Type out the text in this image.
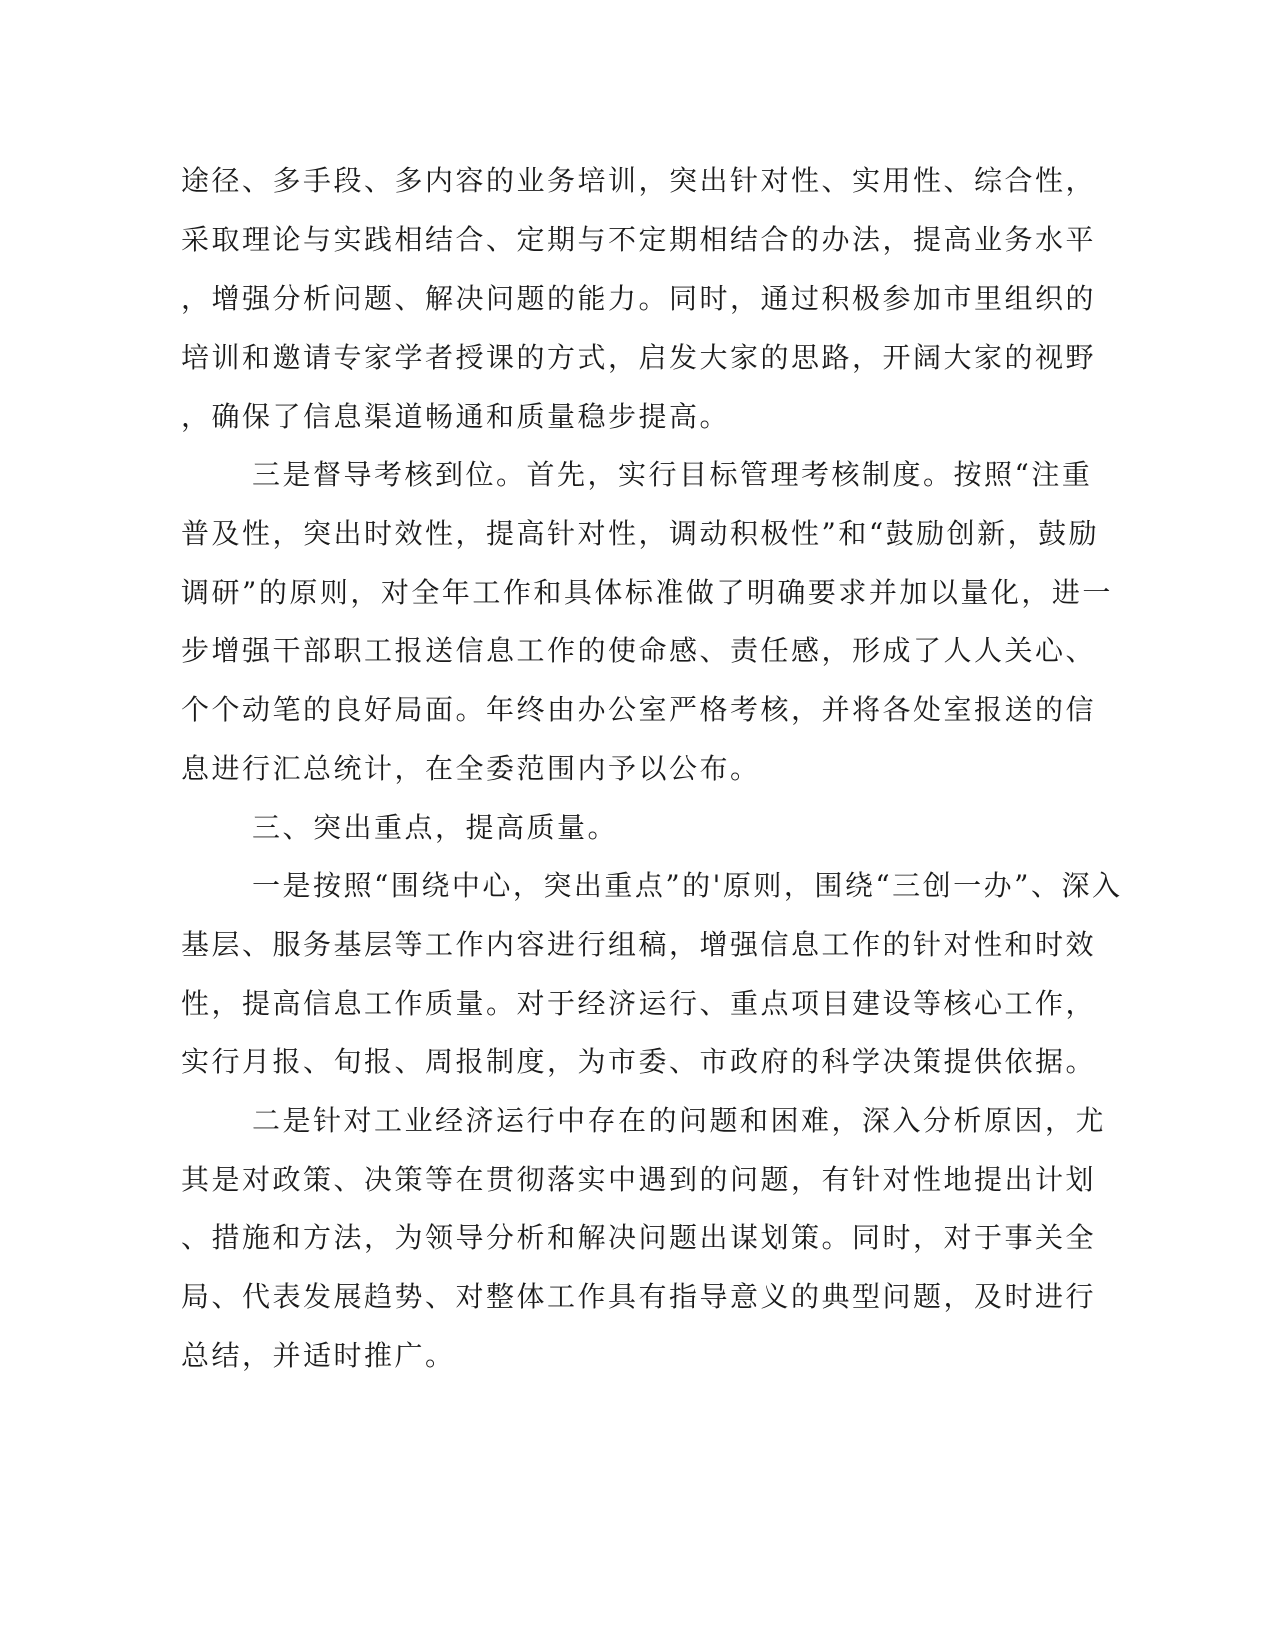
途径、多手段、多内容的业务培训，突出针对性、实用性、综合性，
采取理论与实践相结合、定期与不定期相结合的办法，提高业务水平
，增强分析问题、解决问题的能力。同时，通过积极参加市里组织的
培训和邀请专家学者授课的方式，启发大家的思路，开阔大家的视野
，确保了信息渠道畅通和质量稳步提高。
三是督导考核到位。首先，实行目标管理考核制度。按照“注重
普及性，突出时效性，提高针对性，调动积极性”和“鼓励创新，鼓励
调研”的原则，对全年工作和具体标准做了明确要求并加以量化，进一
步增强干部职工报送信息工作的使命感、责任感，形成了人人关心、
个个动笔的良好局面。年终由办公室严格考核，并将各处室报送的信
息进行汇总统计，在全委范围内予以公布。
三、突出重点，提高质量。
一是按照“围绕中心，突出重点”的'原则，围绕“三创一办”、深入
基层、服务基层等工作内容进行组稿，增强信息工作的针对性和时效
性，提高信息工作质量。对于经济运行、重点项目建设等核心工作，
实行月报、旬报、周报制度，为市委、市政府的科学决策提供依据。
二是针对工业经济运行中存在的问题和困难，深入分析原因，尤
其是对政策、决策等在贯彻落实中遇到的问题，有针对性地提出计划
、措施和方法，为领导分析和解决问题出谋划策。同时，对于事关全
局、代表发展趋势、对整体工作具有指导意义的典型问题，及时进行
总结，并适时推广。
